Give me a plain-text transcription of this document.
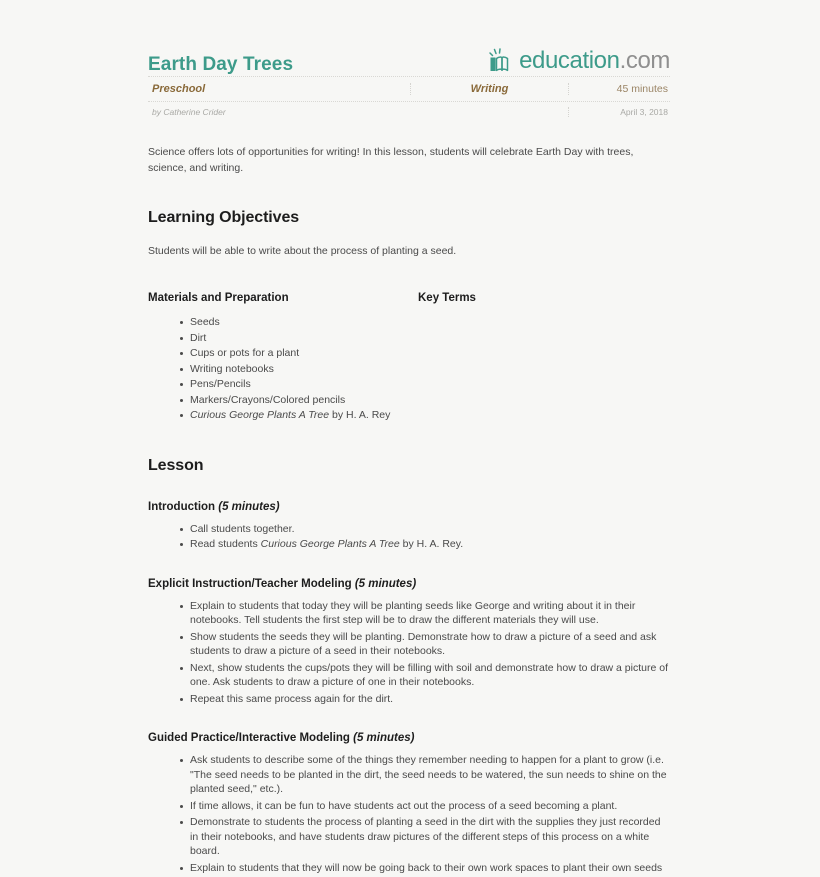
Earth Day Trees	education.com
Preschool	Writing	45 minutes
by Catherine Crider	April 3, 2018
Science offers lots of opportunities for writing! In this lesson, students will celebrate Earth Day with trees, science, and writing.
Learning Objectives
Students will be able to write about the process of planting a seed.
Materials and Preparation
Seeds
Dirt
Cups or pots for a plant
Writing notebooks
Pens/Pencils
Markers/Crayons/Colored pencils
Curious George Plants A Tree by H. A. Rey
Key Terms
Lesson
Introduction (5 minutes)
Call students together.
Read students Curious George Plants A Tree by H. A. Rey.
Explicit Instruction/Teacher Modeling (5 minutes)
Explain to students that today they will be planting seeds like George and writing about it in their notebooks. Tell students the first step will be to draw the different materials they will use.
Show students the seeds they will be planting. Demonstrate how to draw a picture of a seed and ask students to draw a picture of a seed in their notebooks.
Next, show students the cups/pots they will be filling with soil and demonstrate how to draw a picture of one. Ask students to draw a picture of one in their notebooks.
Repeat this same process again for the dirt.
Guided Practice/Interactive Modeling (5 minutes)
Ask students to describe some of the things they remember needing to happen for a plant to grow (i.e. "The seed needs to be planted in the dirt, the seed needs to be watered, the sun needs to shine on the planted seed," etc.).
If time allows, it can be fun to have students act out the process of a seed becoming a plant.
Demonstrate to students the process of planting a seed in the dirt with the supplies they just recorded in their notebooks, and have students draw pictures of the different steps of this process on a white board.
Explain to students that they will now be going back to their own work spaces to plant their own seeds
